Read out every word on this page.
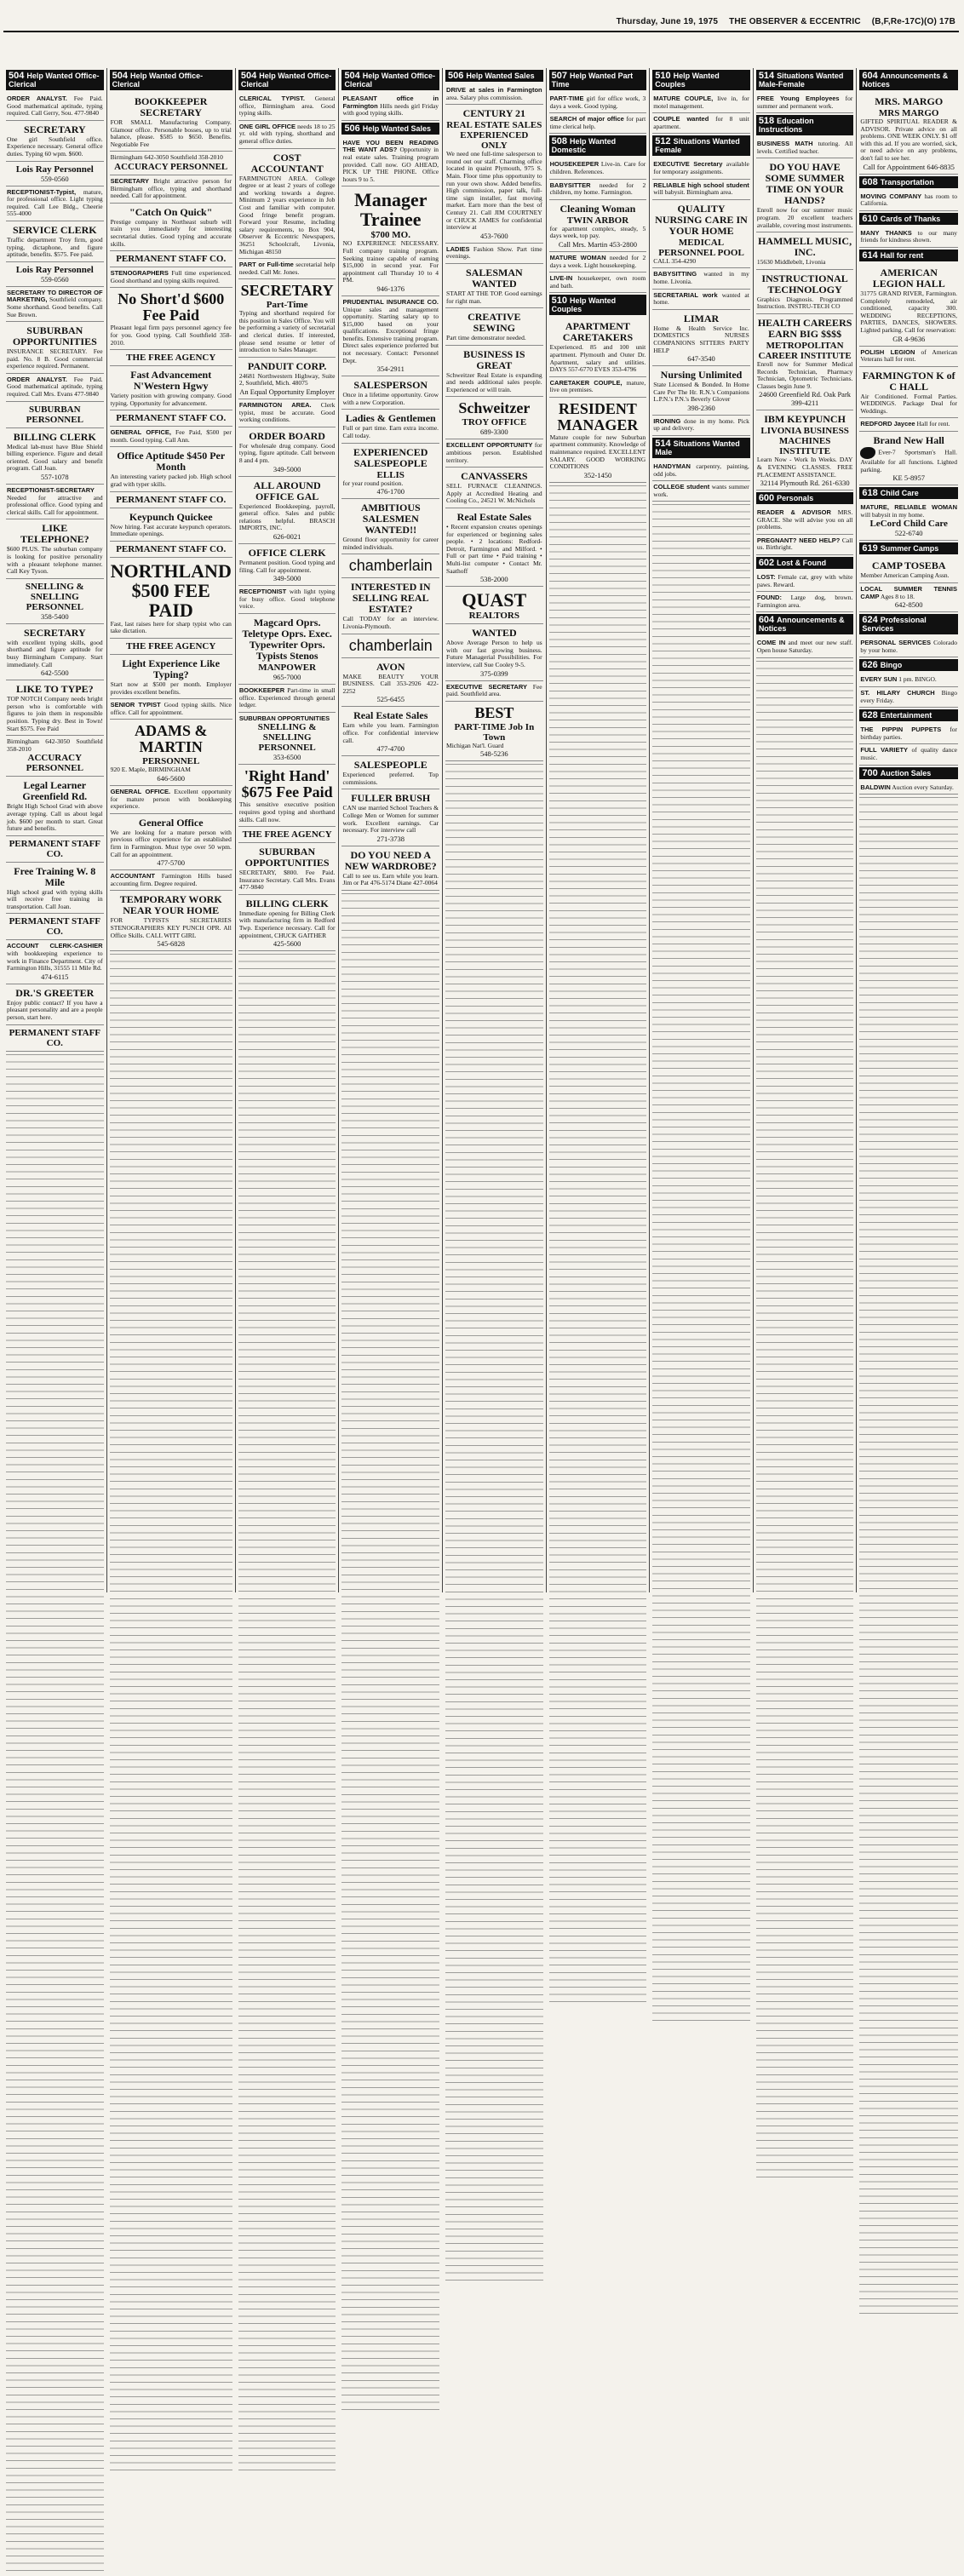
Thursday, June 19, 1975 THE OBSERVER & ECCENTRIC (B,F,Re-17C)(O) 17B
504 Help Wanted Office-Clerical
ORDER ANALYST. Fee Paid. Good mathematical aptitude, typing required. Call Gerry, Sou. 477-9840
SECRETARY
One girl Southfield office. Experience necessary. General office duties. Typing 60 wpm. $600.
Lois Ray Personnel
559-0560
RECEPTIONIST-Typist, mature, for professional office. Light typing required. Call Lee Bldg., Cheerie 555-4000
SERVICE CLERK
Traffic department Troy firm, good typing, dictaphone, and figure aptitude, benefits. $575. Fee paid.
Lois Ray Personnel
559-0560
SECRETARY TO DIRECTOR OF MARKETING, Southfield company. Some shorthand. Good benefits. Call Sue Brown.
SUBURBAN OPPORTUNITIES
INSURANCE SECRETARY. Fee paid. No. 8 B. Good commercial experience required. Permanent.
ORDER ANALYST. Fee Paid. Good mathematical aptitude, typing required. Call Mrs. Evans 477-9840
SUBURBAN PERSONNEL
BILLING CLERK
Medical lab-must have Blue Shield billing experience. Figure and detail oriented. Good salary and benefit program. Call Joan.
557-1078
RECEPTIONIST-SECRETARY Needed for attractive and professional office. Good typing and clerical skills. Call for appointment.
LIKE TELEPHONE?
$600 PLUS. The suburban company is looking for positive personality with a pleasant telephone manner. Call Key Tyson.
SNELLING & SNELLING PERSONNEL
358-5400
SECRETARY
with excellent typing skills, good shorthand and figure aptitude for busy Birmingham Company. Start immediately. Call
642-5500
LIKE TO TYPE?
TOP NOTCH Company needs bright person who is comfortable with figures to join them in responsible position. Typing dry. Best in Town! Start $575. Fee Paid
Birmingham 642-3050 Southfield 358-2010
ACCURACY PERSONNEL
Legal Learner Greenfield Rd.
Bright High School Grad with above average typing. Call us about legal job. $600 per month to start. Great future and benefits.
PERMANENT STAFF CO.
Free Training W. 8 Mile
High school grad with typing skills will receive free training in transportation. Call Joan.
PERMANENT STAFF CO.
ACCOUNT CLERK-CASHIER with bookkeeping experience to work in Finance Department. City of Farmington Hills, 31555 11 Mile Rd.
474-6115
DR.'S GREETER
Enjoy public contact? If you have a pleasant personality and are a people person, start here.
PERMANENT STAFF CO.
504 Help Wanted Office-Clerical
BOOKKEEPER SECRETARY
FOR SMALL Manufacturing Company. Glamour office. Personable bosses, up to trial balance, please. $585 to $650. Benefits. Negotiable Fee
Birmingham 642-3050 Southfield 358-2010
ACCURACY PERSONNEL
SECRETARY Bright attractive person for Birmingham office, typing and shorthand needed. Call for appointment.
"Catch On Quick"
Prestige company in Northeast suburb will train you immediately for interesting secretarial duties. Good typing and accurate skills.
PERMANENT STAFF CO.
STENOGRAPHERS Full time experienced. Good shorthand and typing skills required.
No Short'd $600 Fee Paid
Pleasant legal firm pays personnel agency fee for you. Good typing. Call Southfield 358-2010.
THE FREE AGENCY
Fast Advancement N'Western Hgwy
Variety position with growing company. Good typing. Opportunity for advancement.
PERMANENT STAFF CO.
GENERAL OFFICE, Fee Paid, $500 per month. Good typing. Call Ann.
Office Aptitude $450 Per Month
An interesting variety packed job. High school grad with typer skills.
PERMANENT STAFF CO.
Keypunch Quickee
Now hiring. Fast accurate keypunch operators. Immediate openings.
PERMANENT STAFF CO.
NORTHLAND $500 FEE PAID
Fast, last raises here for sharp typist who can take dictation.
THE FREE AGENCY
Light Experience Like Typing?
Start now at $500 per month. Employer provides excellent benefits.
SENIOR TYPIST Good typing skills. Nice office. Call for appointment.
ADAMS & MARTIN
PERSONNEL
920 E. Maple, BIRMINGHAM
646-5600
GENERAL OFFICE. Excellent opportunity for mature person with bookkeeping experience.
General Office
We are looking for a mature person with previous office experience for an established firm in Farmington. Must type over 50 wpm. Call for an appointment.
477-5700
ACCOUNTANT Farmington Hills based accounting firm. Degree required.
TEMPORARY WORK NEAR YOUR HOME
FOR TYPISTS SECRETARIES STENOGRAPHERS KEY PUNCH OPR. All Office Skills. CALL WITT GIRL
545-6828
504 Help Wanted Office-Clerical
CLERICAL TYPIST. General office, Birmingham area. Good typing skills.
ONE GIRL OFFICE needs 18 to 25 yr. old with typing, shorthand and general office duties.
COST ACCOUNTANT
FARMINGTON AREA. College degree or at least 2 years of college and working towards a degree. Minimum 2 years experience in Job Cost and familiar with computer. Good fringe benefit program. Forward your Resume, including salary requirements, to Box 904, Observer & Eccentric Newspapers, 36251 Schoolcraft, Livonia, Michigan 48150
PART or Full-time secretarial help needed. Call Mr. Jones.
SECRETARY
Part-Time
Typing and shorthand required for this position in Sales Office. You will be performing a variety of secretarial and clerical duties. If interested, please send resume or letter of introduction to Sales Manager.
PANDUIT CORP.
24681 Northwestern Highway, Suite 2, Southfield, Mich. 48075
An Equal Opportunity Employer
FARMINGTON AREA. Clerk typist, must be accurate. Good working conditions.
ORDER BOARD
For wholesale drug company. Good typing, figure aptitude. Call between 8 and 4 pm.
349-5000
ALL AROUND OFFICE GAL
Experienced Bookkeeping, payroll, general office. Sales and public relations helpful. BRASCH IMPORTS, INC.
626-0021
OFFICE CLERK
Permanent position. Good typing and filing. Call for appointment.
349-5000
RECEPTIONIST with light typing for busy office. Good telephone voice.
Magcard Oprs. Teletype Oprs. Exec. Typewriter Oprs. Typists Stenos
MANPOWER
965-7000
BOOKKEEPER Part-time in small office. Experienced through general ledger.
SUBURBAN OPPORTUNITIES
SNELLING & SNELLING PERSONNEL
353-6500
'Right Hand' $675 Fee Paid
This sensitive executive position requires good typing and shorthand skills. Call now.
THE FREE AGENCY
SUBURBAN OPPORTUNITIES
SECRETARY, $800. Fee Paid. Insurance Secretary. Call Mrs. Evans 477-9840
BILLING CLERK
Immediate opening for Billing Clerk with manufacturing firm in Redford Twp. Experience necessary. Call for appointment, CHUCK GAITHER
425-5600
504 Help Wanted Office-Clerical
PLEASANT office in Farmington Hills needs girl Friday with good typing skills.
506 Help Wanted Sales
HAVE YOU BEEN READING THE WANT ADS? Opportunity in real estate sales. Training program provided. Call now. GO AHEAD, PICK UP THE PHONE. Office hours 9 to 5.
Manager Trainee
$700 MO.
NO EXPERIENCE NECESSARY. Full company training program. Seeking trainee capable of earning $15,000 in second year. For appointment call Thursday 10 to 4 PM.
946-1376
PRUDENTIAL INSURANCE CO. Unique sales and management opportunity. Starting salary up to $15,000 based on your qualifications. Exceptional fringe benefits. Extensive training program. Direct sales experience preferred but not necessary. Contact: Personnel Dept.
354-2911
SALESPERSON
Once in a lifetime opportunity. Grow with a new Corporation.
Ladies & Gentlemen
Full or part time. Earn extra income. Call today.
EXPERIENCED SALESPEOPLE
ELLIS
for year round position.
476-1700
AMBITIOUS SALESMEN WANTED!!
Ground floor opportunity for career minded individuals.
chamberlain
INTERESTED IN SELLING REAL ESTATE?
Call TODAY for an interview. Livonia-Plymouth.
chamberlain
AVON
MAKE BEAUTY YOUR BUSINESS. Call 353-2926 422-2252
525-6455
Real Estate Sales
Earn while you learn. Farmington office. For confidential interview call.
477-4700
SALESPEOPLE
Experienced preferred. Top commissions.
FULLER BRUSH
CAN use married School Teachers & College Men or Women for summer work. Excellent earnings. Car necessary. For interview call
271-3738
DO YOU NEED A NEW WARDROBE?
Call to see us. Earn while you learn. Jim or Pat 476-5174 Diane 427-0064
506 Help Wanted Sales
DRIVE at sales in Farmington area. Salary plus commission.
CENTURY 21
REAL ESTATE SALES EXPERIENCED ONLY
We need one full-time salesperson to round out our staff. Charming office located in quaint Plymouth, 975 S. Main. Floor time plus opportunity to run your own show. Added benefits. High commission, paper talk, full-time sign installer, fast moving market. Earn more than the best of Century 21. Call JIM COURTNEY or CHUCK JAMES for confidential interview at
453-7600
LADIES Fashion Show. Part time evenings.
SALESMAN WANTED
START AT THE TOP. Good earnings for right man.
CREATIVE SEWING
Part time demonstrator needed.
BUSINESS IS GREAT
Schweitzer Real Estate is expanding and needs additional sales people. Experienced or will train.
Schweitzer
TROY OFFICE
689-3300
EXCELLENT OPPORTUNITY for ambitious person. Established territory.
CANVASSERS
SELL FURNACE CLEANINGS. Apply at Accredited Heating and Cooling Co., 24521 W. McNichols
Real Estate Sales
• Recent expansion creates openings for experienced or beginning sales people. • 2 locations: Redford-Detroit, Farmington and Milford. • Full or part time • Paid training • Multi-list computer • Contact Mr. Saathoff
538-2000
QUAST
REALTORS
WANTED
Above Average Person to help us with our fast growing business. Future Managerial Possibilities. For interview, call Sue Cooley 9-5.
375-0399
EXECUTIVE SECRETARY Fee paid. Southfield area.
BEST
PART-TIME Job In Town
Michigan Nat'l. Guard
548-5236
507 Help Wanted Part Time
PART-TIME girl for office work, 3 days a week. Good typing.
SEARCH of major office for part time clerical help.
508 Help Wanted Domestic
HOUSEKEEPER Live-in. Care for children. References.
BABYSITTER needed for 2 children, my home. Farmington.
Cleaning Woman
TWIN ARBOR
for apartment complex, steady, 5 days week, top pay.
Call Mrs. Martin 453-2800
MATURE WOMAN needed for 2 days a week. Light housekeeping.
LIVE-IN housekeeper, own room and bath.
510 Help Wanted Couples
APARTMENT CARETAKERS
Experienced. 85 and 100 unit apartment. Plymouth and Outer Dr. Apartment, salary and utilities. DAYS 557-6770 EVES 353-4796
CARETAKER COUPLE, mature, live on premises.
RESIDENT MANAGER
Mature couple for new Suburban apartment community. Knowledge of maintenance required. EXCELLENT SALARY. GOOD WORKING CONDITIONS
352-1450
510 Help Wanted Couples
MATURE COUPLE, live in, for motel management.
COUPLE wanted for 8 unit apartment.
512 Situations Wanted Female
EXECUTIVE Secretary available for temporary assignments.
RELIABLE high school student will babysit. Birmingham area.
QUALITY NURSING CARE IN YOUR HOME
MEDICAL PERSONNEL POOL
CALL 354-4290
BABYSITTING wanted in my home. Livonia.
SECRETARIAL work wanted at home.
LIMAR
Home & Health Service Inc. DOMESTICS NURSES COMPANIONS SITTERS PARTY HELP
647-3540
Nursing Unlimited
State Licensed & Bonded. In Home Care Per The Hr. R.N.'s Companions L.P.N.'s P.N.'s Beverly Glover
398-2360
IRONING done in my home. Pick up and delivery.
514 Situations Wanted Male
HANDYMAN carpentry, painting, odd jobs.
COLLEGE student wants summer work.
514 Situations Wanted Male-Female
FREE Young Employees for summer and permanent work.
518 Education Instructions
BUSINESS MATH tutoring. All levels. Certified teacher.
DO YOU HAVE SOME SUMMER TIME ON YOUR HANDS?
Enroll now for our summer music program. 20 excellent teachers available, covering most instruments.
HAMMELL MUSIC, INC.
15630 Middlebelt, Livonia
INSTRUCTIONAL TECHNOLOGY
Graphics Diagnosis. Programmed Instruction. INSTRU-TECH CO
HEALTH CAREERS EARN BIG $$$$
METROPOLITAN CAREER INSTITUTE
Enroll now for Summer Medical Records Technician, Pharmacy Technician, Optometric Technicians. Classes begin June 9.
24600 Greenfield Rd. Oak Park 399-4211
IBM KEYPUNCH
LIVONIA BUSINESS MACHINES INSTITUTE
Learn Now - Work In Weeks. DAY & EVENING CLASSES. FREE PLACEMENT ASSISTANCE.
32114 Plymouth Rd. 261-6330
600 Personals
READER & ADVISOR MRS. GRACE. She will advise you on all problems.
PREGNANT? NEED HELP? Call us. Birthright.
602 Lost & Found
LOST: Female cat, grey with white paws. Reward.
FOUND: Large dog, brown. Farmington area.
604 Announcements & Notices
COME IN and meet our new staff. Open house Saturday.
604 Announcements & Notices
MRS. MARGO
MRS MARGO
GIFTED SPIRITUAL READER & ADVISOR. Private advice on all problems. ONE WEEK ONLY. $1 off with this ad. If you are worried, sick, or need advice on any problems, don't fail to see her.
Call for Appointment 646-8835
608 Transportation
MOVING COMPANY has room to California.
610 Cards of Thanks
MANY THANKS to our many friends for kindness shown.
614 Hall for rent
AMERICAN LEGION HALL
31775 GRAND RIVER, Farmington. Completely remodeled, air conditioned, capacity 300. WEDDING RECEPTIONS, PARTIES, DANCES, SHOWERS. Lighted parking. Call for reservation:
GR 4-9636
POLISH LEGION of American Veterans hall for rent.
FARMINGTON K of C HALL
Air Conditioned. Formal Parties. WEDDINGS. Package Deal for Weddings.
REDFORD Jaycee Hall for rent.
Brand New Hall
Ever-7 Sportsman's Hall. Available for all functions. Lighted parking.
KE 5-8957
618 Child Care
MATURE, RELIABLE WOMAN will babysit in my home.
LeCord Child Care
522-6740
619 Summer Camps
CAMP TOSEBA
Member American Camping Assn.
LOCAL SUMMER TENNIS CAMP Ages 8 to 18.
642-8500
624 Professional Services
PERSONAL SERVICES Colorado by your home.
626 Bingo
EVERY SUN 1 pm. BINGO.
ST. HILARY CHURCH Bingo every Friday.
628 Entertainment
THE PIPPIN PUPPETS for birthday parties.
FULL VARIETY of quality dance music.
700 Auction Sales
BALDWIN Auction every Saturday.
